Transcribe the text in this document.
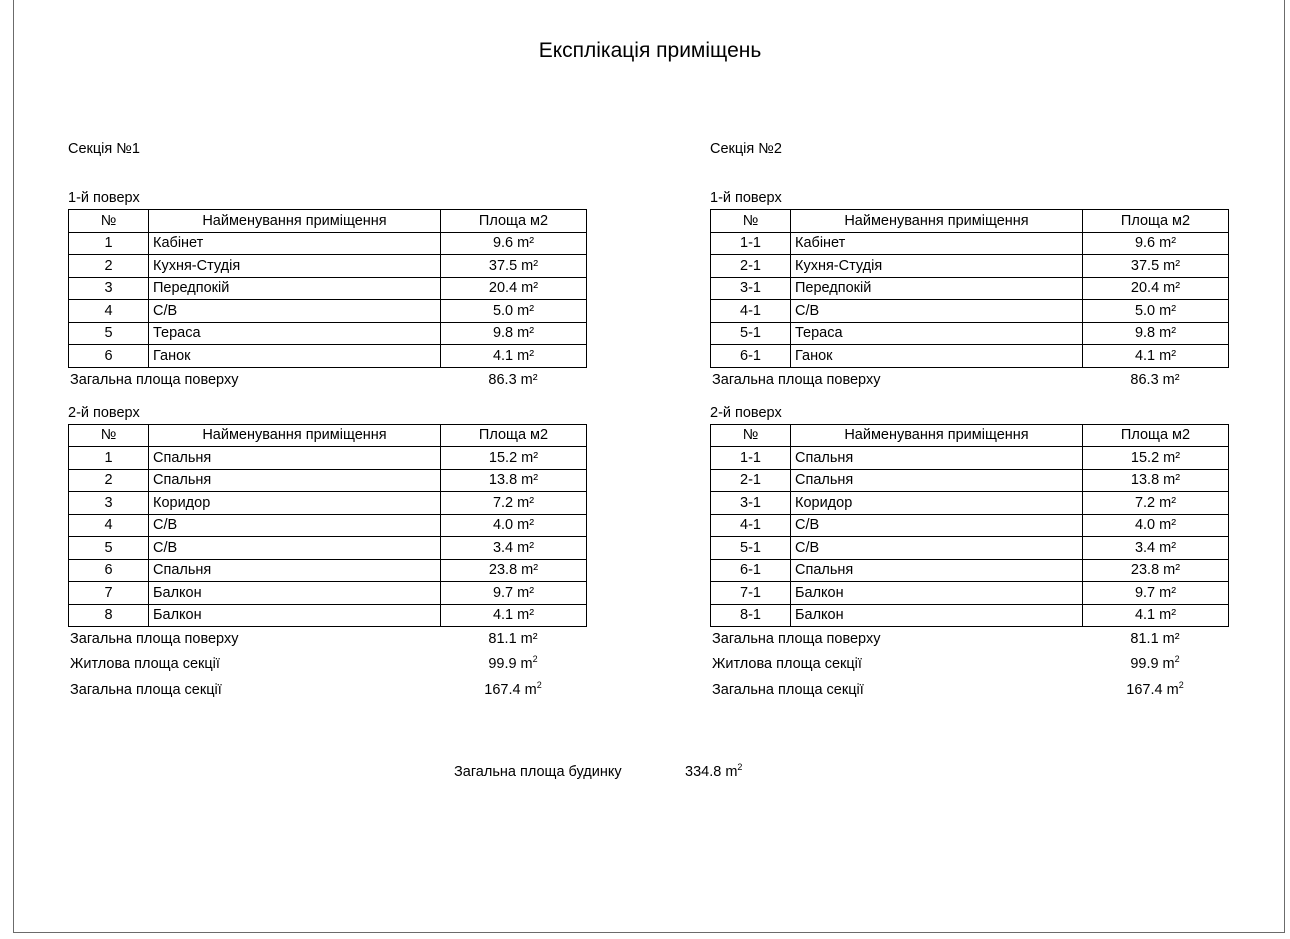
Експлікація приміщень
Секція №1
1-й поверх
№	Найменування приміщення	Площа м2
1	Кабінет	9.6 m²
2	Кухня-Студія	37.5 m²
3	Передпокій	20.4 m²
4	С/В	5.0 m²
5	Тераса	9.8 m²
6	Ганок	4.1 m²
Загальна площа поверху	86.3 m²
2-й поверх
№	Найменування приміщення	Площа м2
1	Спальня	15.2 m²
2	Спальня	13.8 m²
3	Коридор	7.2 m²
4	С/В	4.0 m²
5	С/В	3.4 m²
6	Спальня	23.8 m²
7	Балкон	9.7 m²
8	Балкон	4.1 m²
Загальна площа поверху	81.1 m²
Житлова площа секції	99.9 $m^2$
Загальна площа секції	167.4 $m^2$
Секція №2
1-й поверх
№	Найменування приміщення	Площа м2
1-1	Кабінет	9.6 m²
2-1	Кухня-Студія	37.5 m²
3-1	Передпокій	20.4 m²
4-1	С/В	5.0 m²
5-1	Тераса	9.8 m²
6-1	Ганок	4.1 m²
Загальна площа поверху	86.3 m²
2-й поверх
№	Найменування приміщення	Площа м2
1-1	Спальня	15.2 m²
2-1	Спальня	13.8 m²
3-1	Коридор	7.2 m²
4-1	С/В	4.0 m²
5-1	С/В	3.4 m²
6-1	Спальня	23.8 m²
7-1	Балкон	9.7 m²
8-1	Балкон	4.1 m²
Загальна площа поверху	81.1 m²
Житлова площа секції	99.9 $m^2$
Загальна площа секції	167.4 $m^2$
Загальна площа будинку	334.8 $m^2$
